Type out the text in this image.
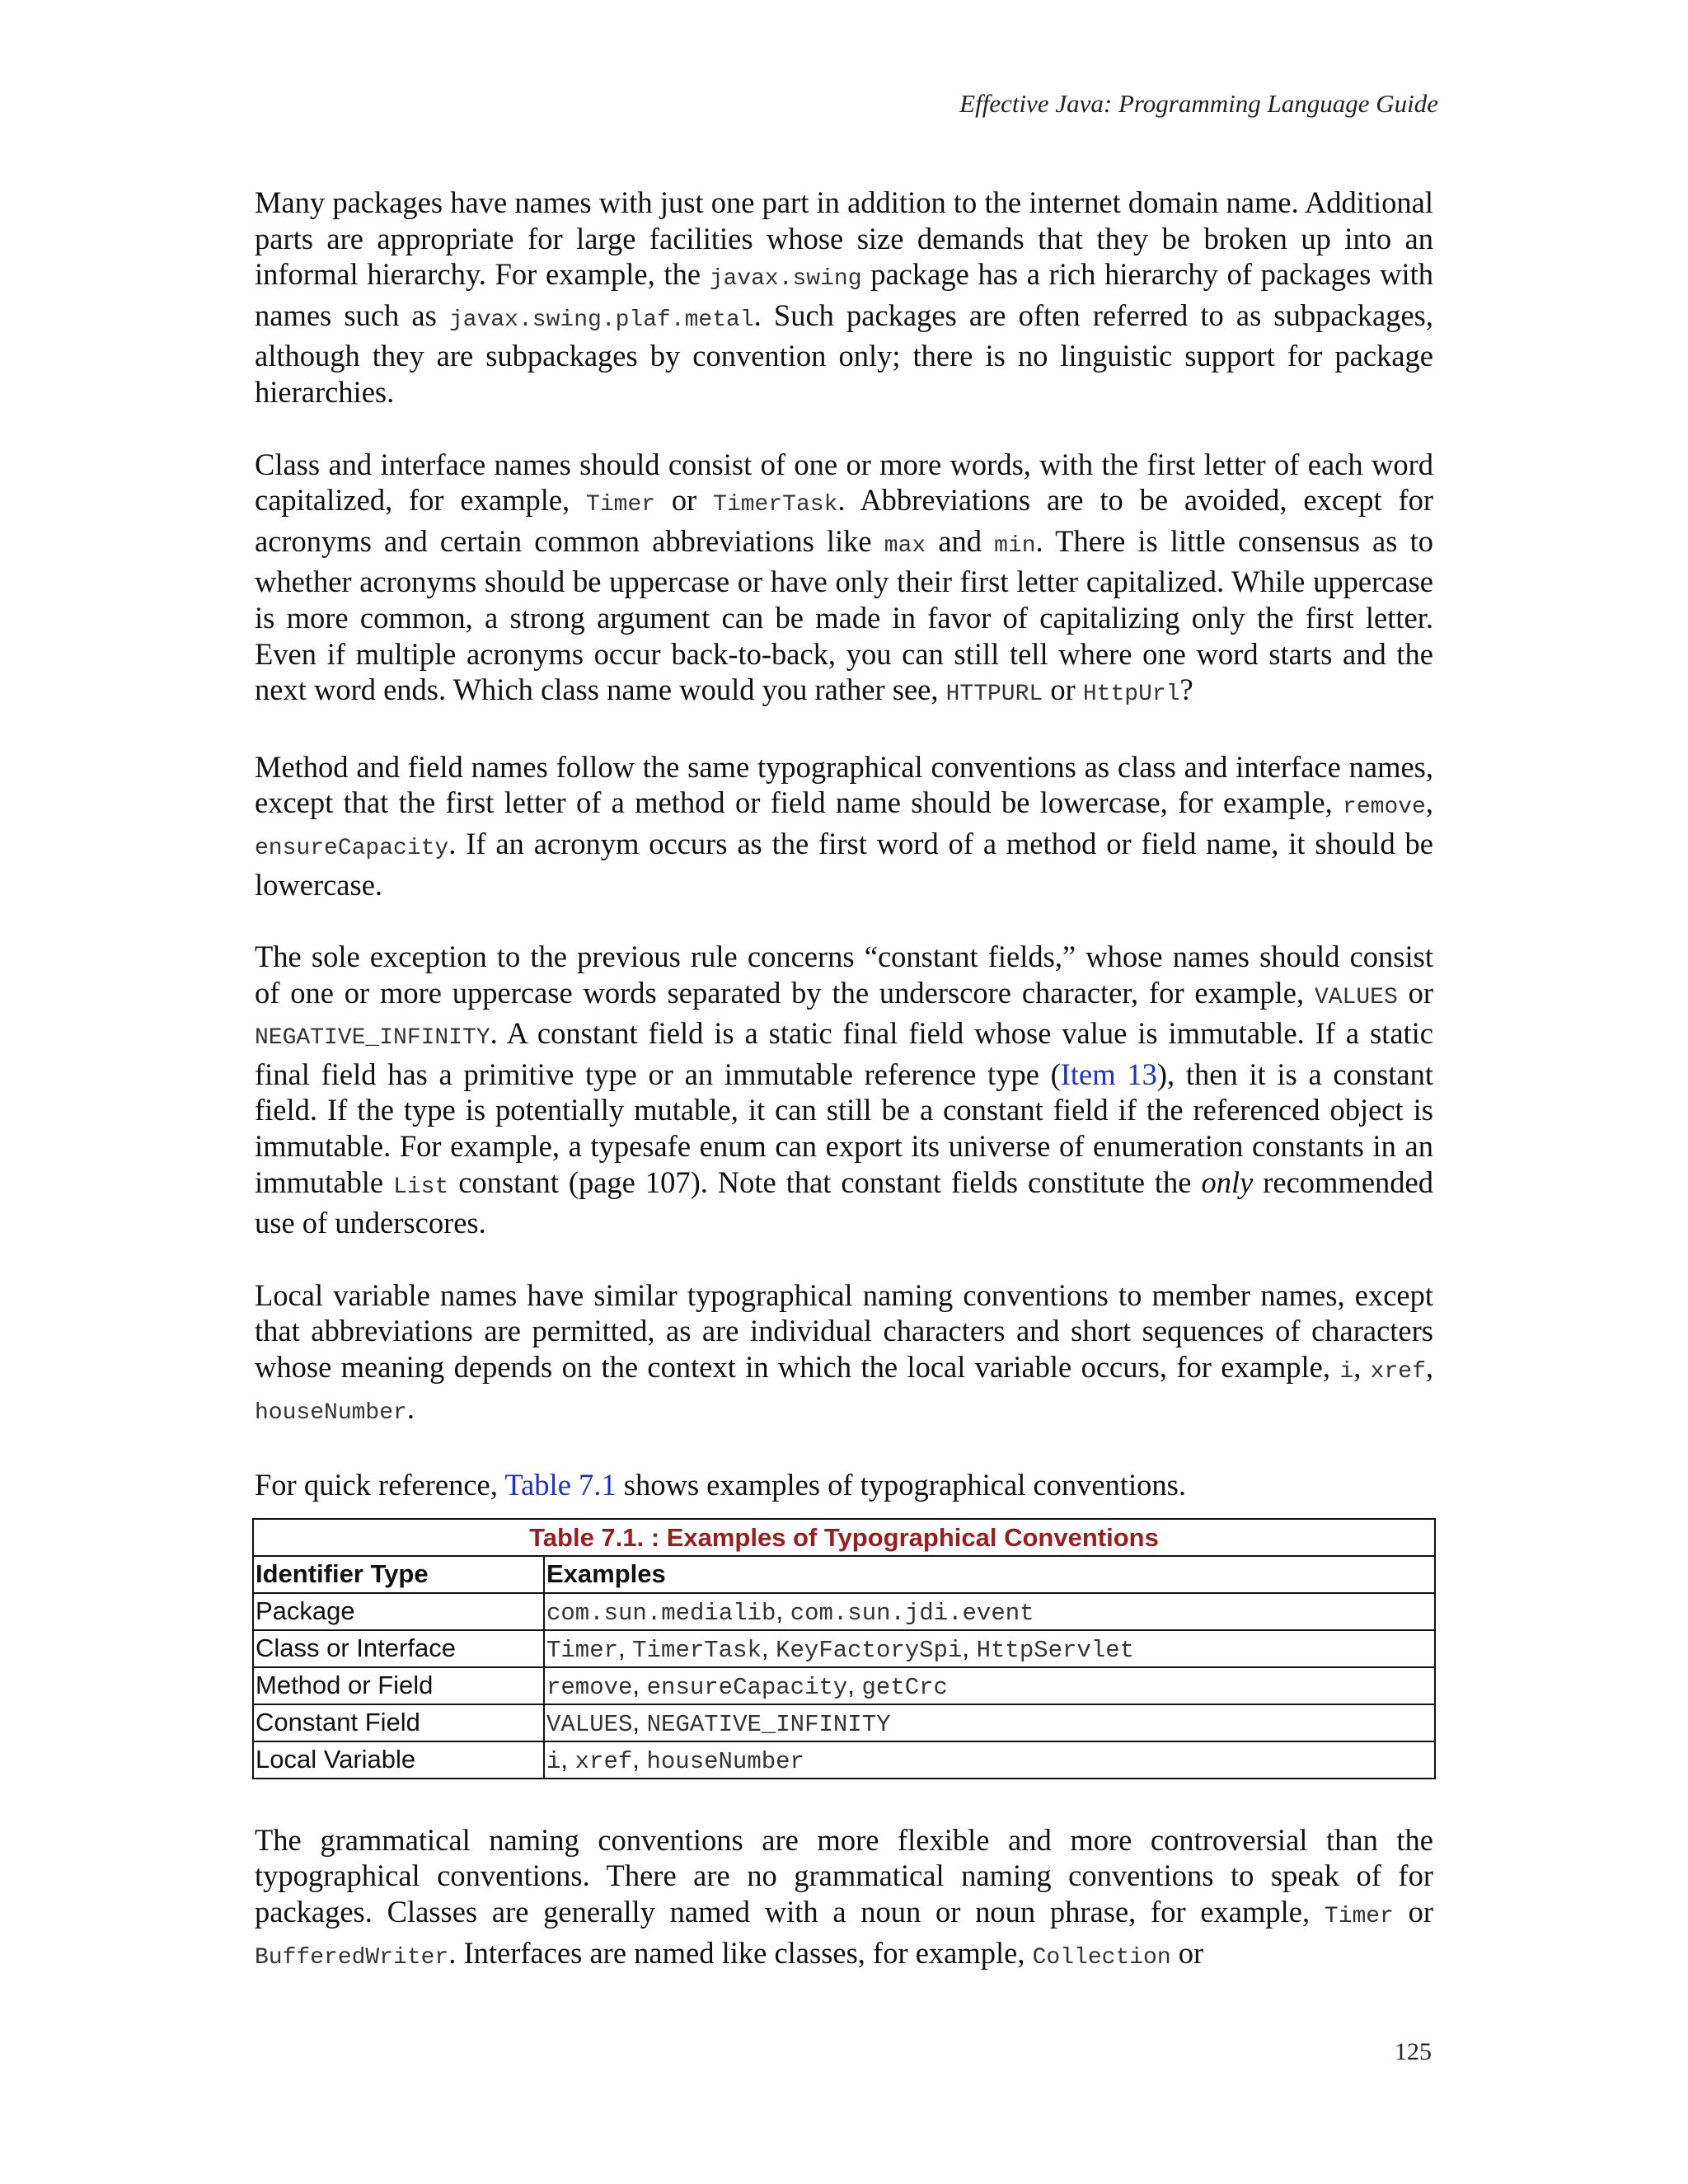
Effective Java: Programming Language Guide

Many packages have names with just one part in addition to the internet domain name. Additional parts are appropriate for large facilities whose size demands that they be broken up into an informal hierarchy. For example, the javax.swing package has a rich hierarchy of packages with names such as javax.swing.plaf.metal. Such packages are often referred to as subpackages, although they are subpackages by convention only; there is no linguistic support for package hierarchies.

Class and interface names should consist of one or more words, with the first letter of each word capitalized, for example, Timer or TimerTask. Abbreviations are to be avoided, except for acronyms and certain common abbreviations like max and min. There is little consensus as to whether acronyms should be uppercase or have only their first letter capitalized. While uppercase is more common, a strong argument can be made in favor of capitalizing only the first letter. Even if multiple acronyms occur back-to-back, you can still tell where one word starts and the next word ends. Which class name would you rather see, HTTPURL or HttpUrl?

Method and field names follow the same typographical conventions as class and interface names, except that the first letter of a method or field name should be lowercase, for example, remove, ensureCapacity. If an acronym occurs as the first word of a method or field name, it should be lowercase.

The sole exception to the previous rule concerns “constant fields,” whose names should consist of one or more uppercase words separated by the underscore character, for example, VALUES or NEGATIVE_INFINITY. A constant field is a static final field whose value is immutable. If a static final field has a primitive type or an immutable reference type (Item 13), then it is a constant field. If the type is potentially mutable, it can still be a constant field if the referenced object is immutable. For example, a typesafe enum can export its universe of enumeration constants in an immutable List constant (page 107). Note that constant fields constitute the only recommended use of underscores.

Local variable names have similar typographical naming conventions to member names, except that abbreviations are permitted, as are individual characters and short sequences of characters whose meaning depends on the context in which the local variable occurs, for example, i, xref, houseNumber.

For quick reference, Table 7.1 shows examples of typographical conventions.

Table 7.1. : Examples of Typographical Conventions
Identifier Type	Examples
Package	com.sun.medialib, com.sun.jdi.event
Class or Interface	Timer, TimerTask, KeyFactorySpi, HttpServlet
Method or Field	remove, ensureCapacity, getCrc
Constant Field	VALUES, NEGATIVE_INFINITY
Local Variable	i, xref, houseNumber

The grammatical naming conventions are more flexible and more controversial than the typographical conventions. There are no grammatical naming conventions to speak of for packages. Classes are generally named with a noun or noun phrase, for example, Timer or BufferedWriter. Interfaces are named like classes, for example, Collection or

125
